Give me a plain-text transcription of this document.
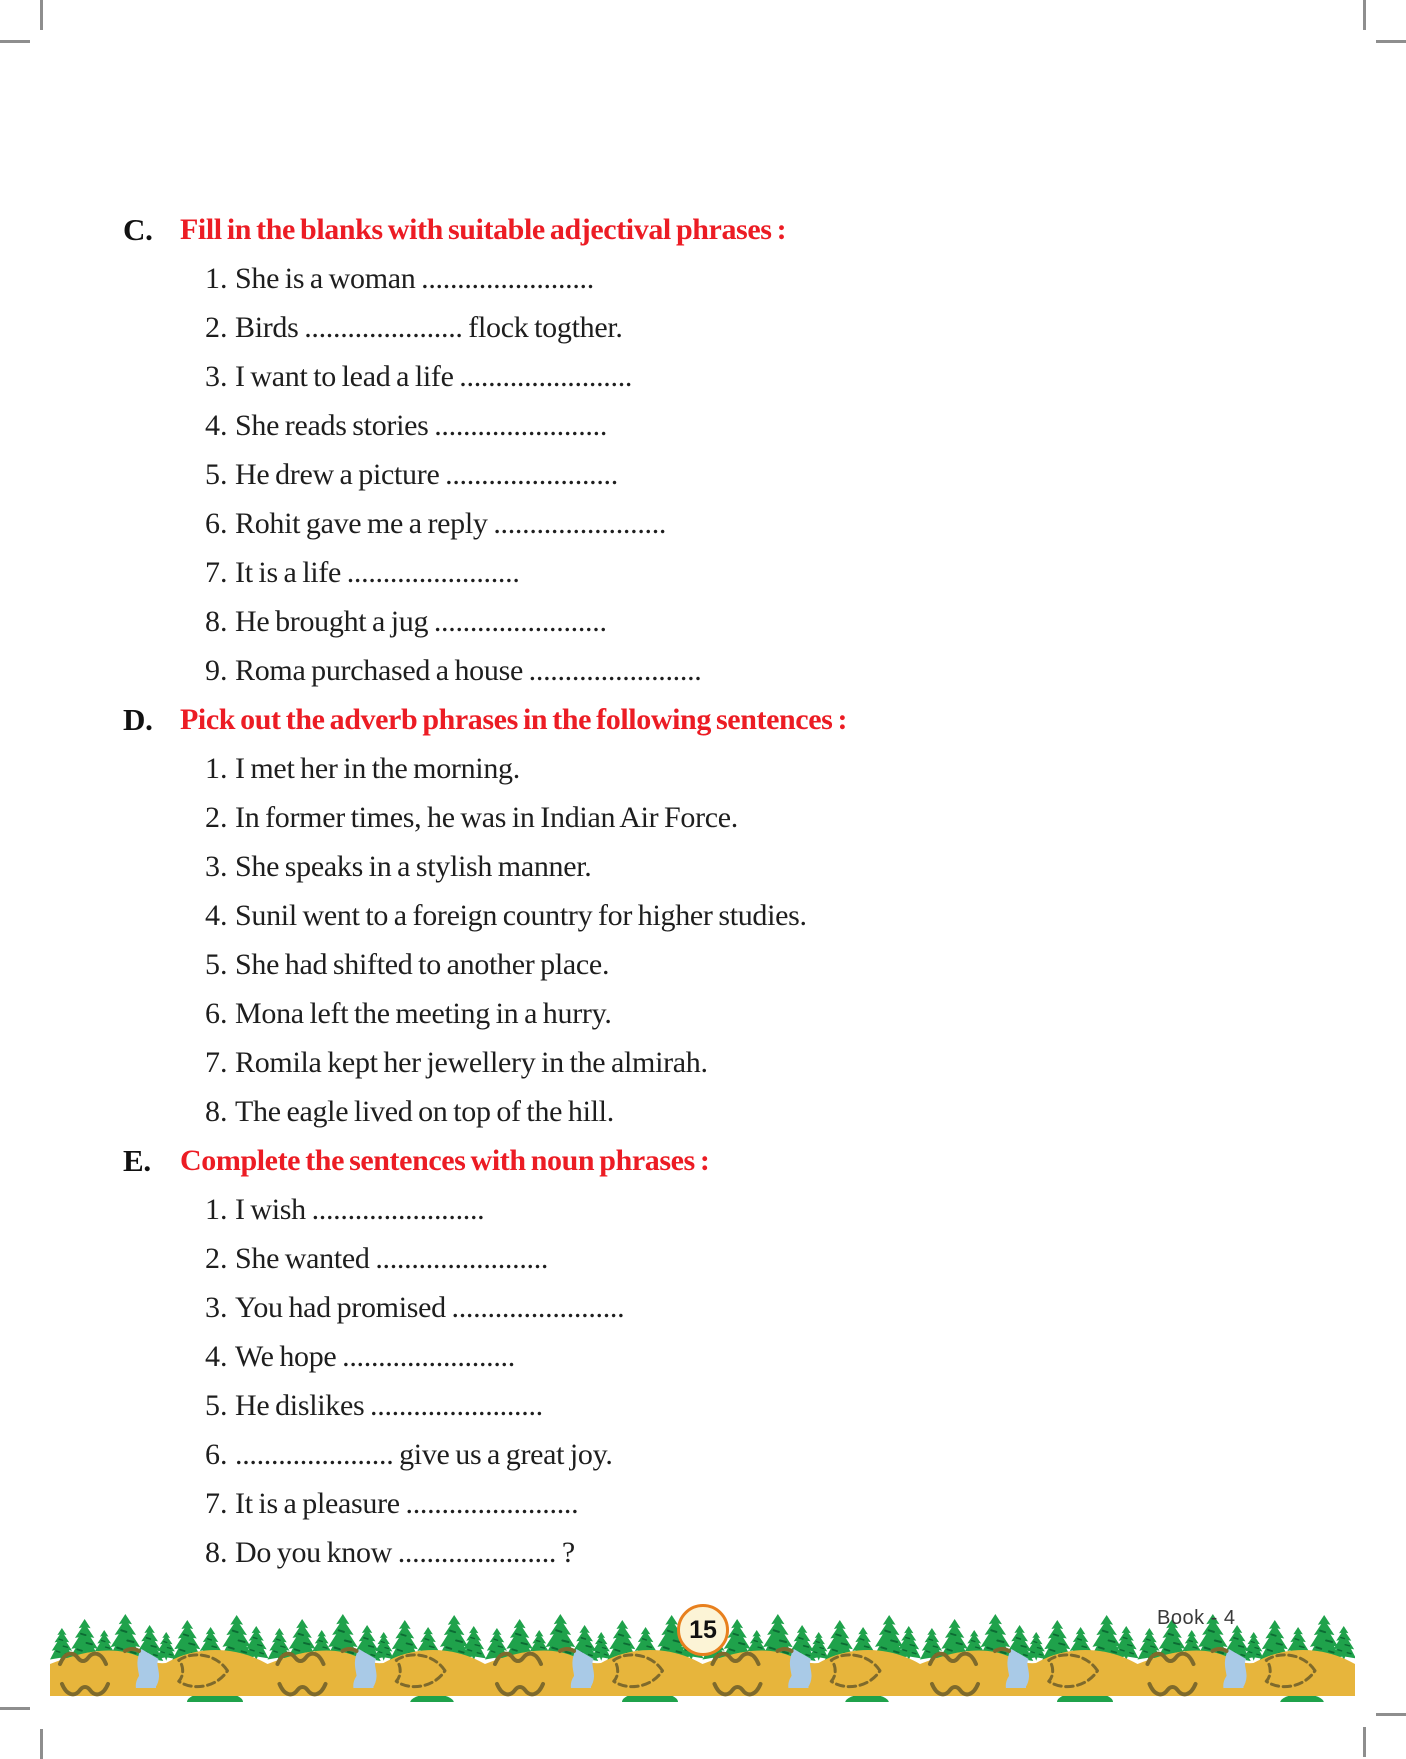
C. Fill in the blanks with suitable adjectival phrases :
1. She is a woman ........................
2. Birds ...................... flock togther.
3. I want to lead a life ........................
4. She reads stories ........................
5. He drew a picture ........................
6. Rohit gave me a reply ........................
7. It is a life ........................
8. He brought a jug ........................
9. Roma purchased a house ........................
D. Pick out the adverb phrases in the following sentences :
1. I met her in the morning.
2. In former times, he was in Indian Air Force.
3. She speaks in a stylish manner.
4. Sunil went to a foreign country for higher studies.
5. She had shifted to another place.
6. Mona left the meeting in a hurry.
7. Romila kept her jewellery in the almirah.
8. The eagle lived on top of the hill.
E. Complete the sentences with noun phrases :
1. I wish ........................
2. She wanted ........................
3. You had promised ........................
4. We hope ........................
5. He dislikes ........................
6. ...................... give us a great joy.
7. It is a pleasure ........................
8. Do you know ...................... ?
15	Book - 4
